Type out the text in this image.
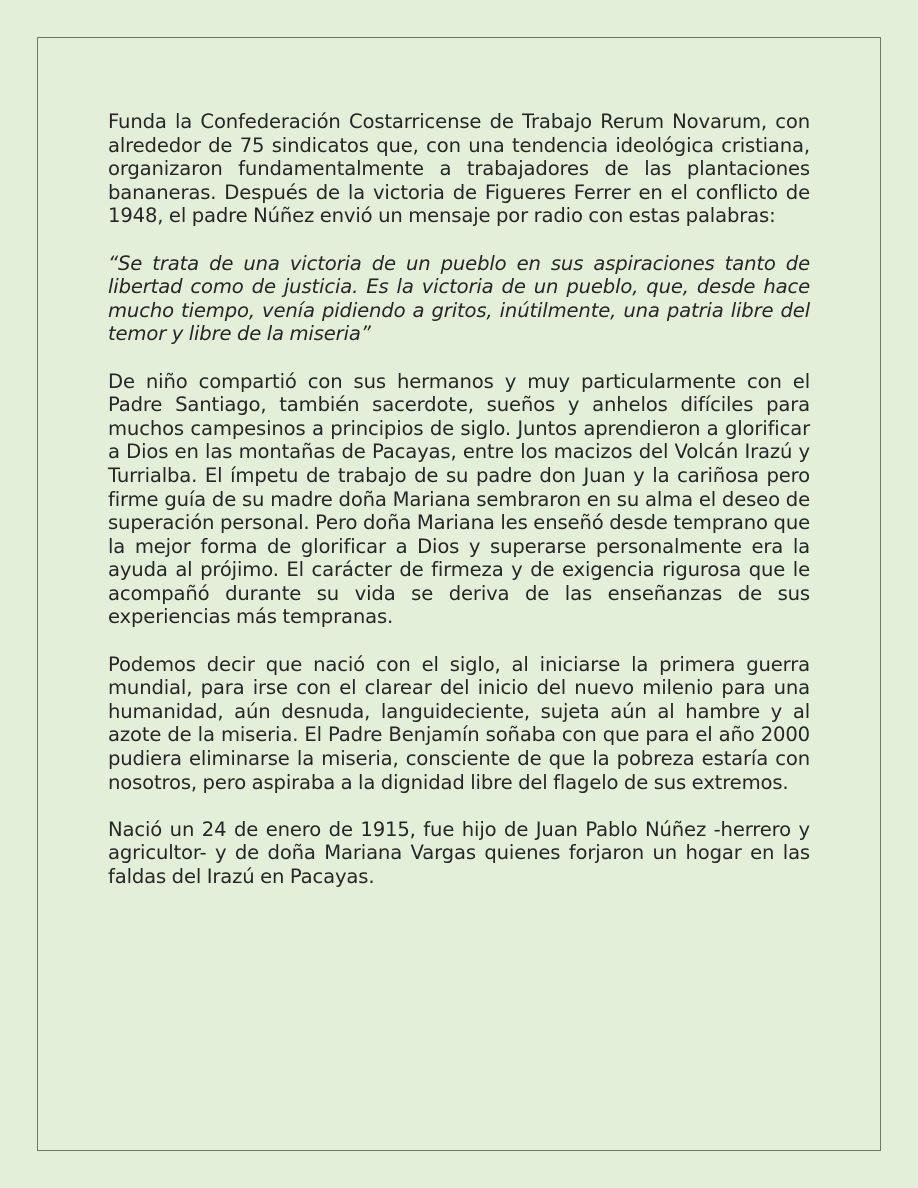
Funda la Confederación Costarricense de Trabajo Rerum Novarum, con alrededor de 75 sindicatos que, con una tendencia ideológica cristiana, organizaron fundamentalmente a trabajadores de las plantaciones bananeras. Después de la victoria de Figueres Ferrer en el conflicto de 1948, el padre Núñez envió un mensaje por radio con estas palabras:

“Se trata de una victoria de un pueblo en sus aspiraciones tanto de libertad como de justicia. Es la victoria de un pueblo, que, desde hace mucho tiempo, venía pidiendo a gritos, inútilmente, una patria libre del temor y libre de la miseria”

De niño compartió con sus hermanos y muy particularmente con el Padre Santiago, también sacerdote, sueños y anhelos difíciles para muchos campesinos a principios de siglo. Juntos aprendieron a glorificar a Dios en las montañas de Pacayas, entre los macizos del Volcán Irazú y Turrialba. El ímpetu de trabajo de su padre don Juan y la cariñosa pero firme guía de su madre doña Mariana sembraron en su alma el deseo de superación personal. Pero doña Mariana les enseñó desde temprano que la mejor forma de glorificar a Dios y superarse personalmente era la ayuda al prójimo. El carácter de firmeza y de exigencia rigurosa que le acompañó durante su vida se deriva de las enseñanzas de sus experiencias más tempranas.

Podemos decir que nació con el siglo, al iniciarse la primera guerra mundial, para irse con el clarear del inicio del nuevo milenio para una humanidad, aún desnuda, languideciente, sujeta aún al hambre y al azote de la miseria. El Padre Benjamín soñaba con que para el año 2000 pudiera eliminarse la miseria, consciente de que la pobreza estaría con nosotros, pero aspiraba a la dignidad libre del flagelo de sus extremos.

Nació un 24 de enero de 1915, fue hijo de Juan Pablo Núñez -herrero y agricultor- y de doña Mariana Vargas quienes forjaron un hogar en las faldas del Irazú en Pacayas.
